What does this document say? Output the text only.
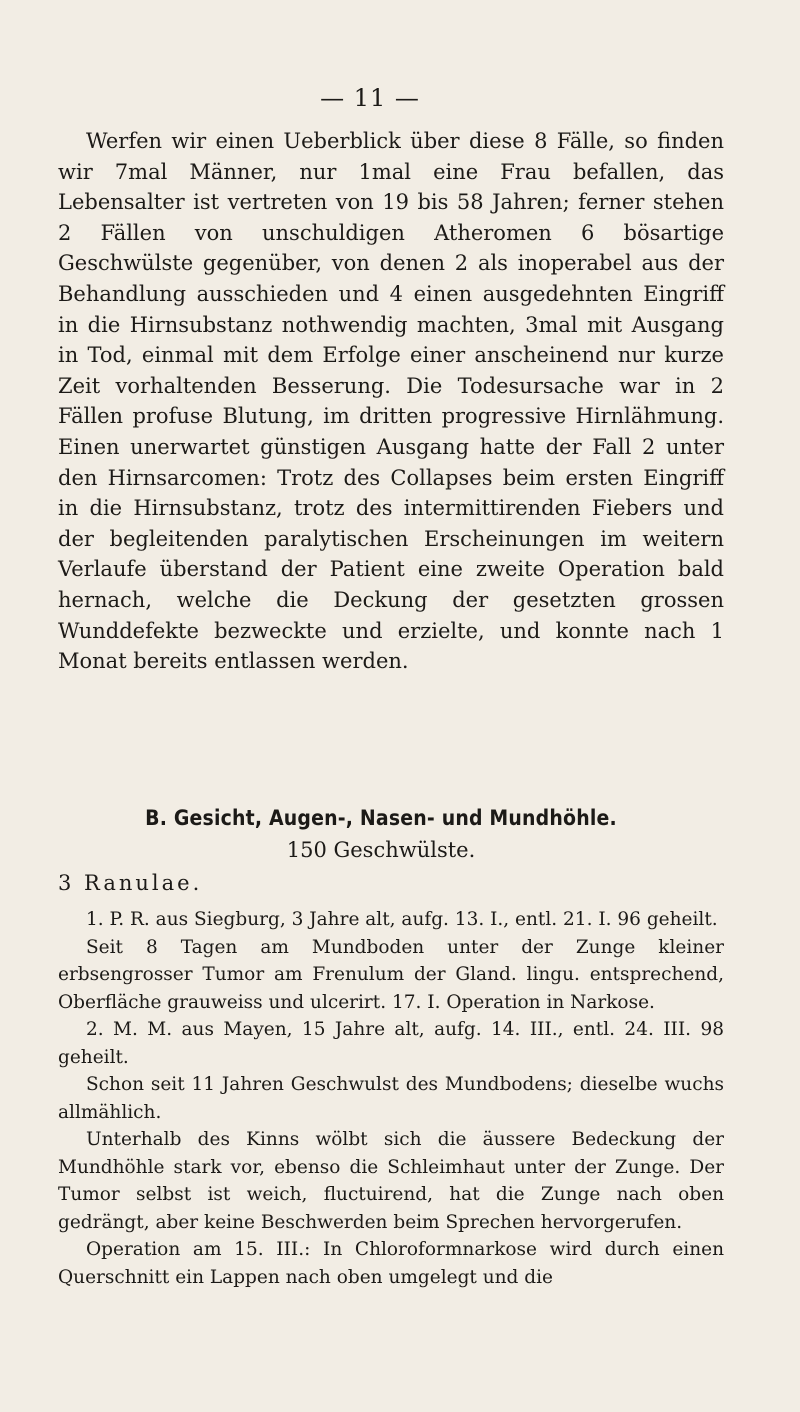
— 11 —

Werfen wir einen Ueberblick über diese 8 Fälle, so finden wir 7mal Männer, nur 1mal eine Frau befallen, das Lebensalter ist vertreten von 19 bis 58 Jahren; ferner stehen 2 Fällen von unschuldigen Atheromen 6 bösartige Geschwülste gegenüber, von denen 2 als inoperabel aus der Behandlung ausschieden und 4 einen ausgedehnten Eingriff in die Hirnsubstanz nothwendig machten, 3mal mit Ausgang in Tod, einmal mit dem Erfolge einer anscheinend nur kurze Zeit vorhaltenden Besserung. Die Todesursache war in 2 Fällen profuse Blutung, im dritten progressive Hirnlähmung. Einen unerwartet günstigen Ausgang hatte der Fall 2 unter den Hirnsarcomen: Trotz des Collapses beim ersten Eingriff in die Hirnsubstanz, trotz des intermittirenden Fiebers und der begleitenden paralytischen Erscheinungen im weitern Verlaufe überstand der Patient eine zweite Operation bald hernach, welche die Deckung der gesetzten grossen Wunddefekte bezweckte und erzielte, und konnte nach 1 Monat bereits entlassen werden.

B. Gesicht, Augen-, Nasen- und Mundhöhle.
150 Geschwülste.
3 Ranulae.

1. P. R. aus Siegburg, 3 Jahre alt, aufg. 13. I., entl. 21. I. 96 geheilt.

Seit 8 Tagen am Mundboden unter der Zunge kleiner erbsengrosser Tumor am Frenulum der Gland. lingu. entsprechend, Oberfläche grauweiss und ulcerirt. 17. I. Operation in Narkose.

2. M. M. aus Mayen, 15 Jahre alt, aufg. 14. III., entl. 24. III. 98 geheilt.

Schon seit 11 Jahren Geschwulst des Mundbodens; dieselbe wuchs allmählich.

Unterhalb des Kinns wölbt sich die äussere Bedeckung der Mundhöhle stark vor, ebenso die Schleimhaut unter der Zunge. Der Tumor selbst ist weich, fluctuirend, hat die Zunge nach oben gedrängt, aber keine Beschwerden beim Sprechen hervorgerufen.

Operation am 15. III.: In Chloroformnarkose wird durch einen Querschnitt ein Lappen nach oben umgelegt und die
